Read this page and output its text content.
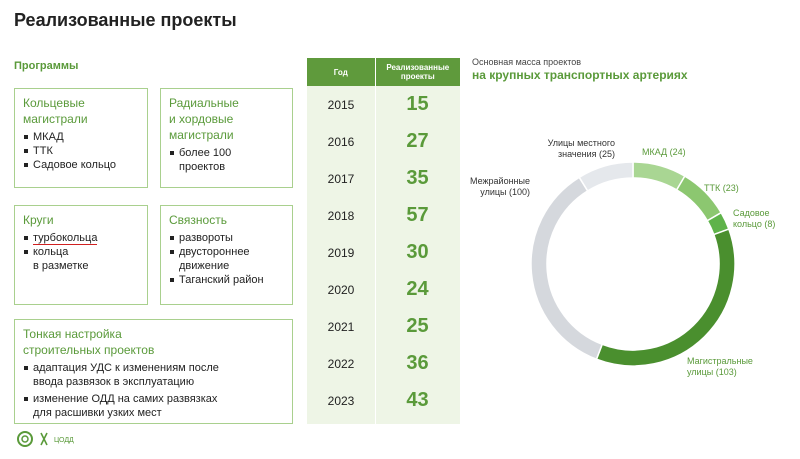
Реализованные проекты
Программы
Кольцевые
магистрали
МКАД
ТТК
Садовое кольцо
Радиальные
и хордовые
магистрали
более 100
проектов
Круги
турбокольца
кольца
в разметке
Связность
развороты
двустороннее
движение
Таганский район
Тонкая настройка
строительных проектов
адаптация УДС к изменениям после
ввода развязок в эксплуатацию
изменение ОДД на самих развязках
для расшивки узких мест
Год	Реализованные
проекты
2015	15
2016	27
2017	35
2018	57
2019	30
2020	24
2021	25
2022	36
2023	43
Основная масса проектов
на крупных транспортных артериях
МКАД (24)
ТТК (23)
Садовое
кольцо (8)
Магистральные
улицы (103)
Межрайонные
улицы (100)
Улицы местного
значения (25)
ЦОДД
